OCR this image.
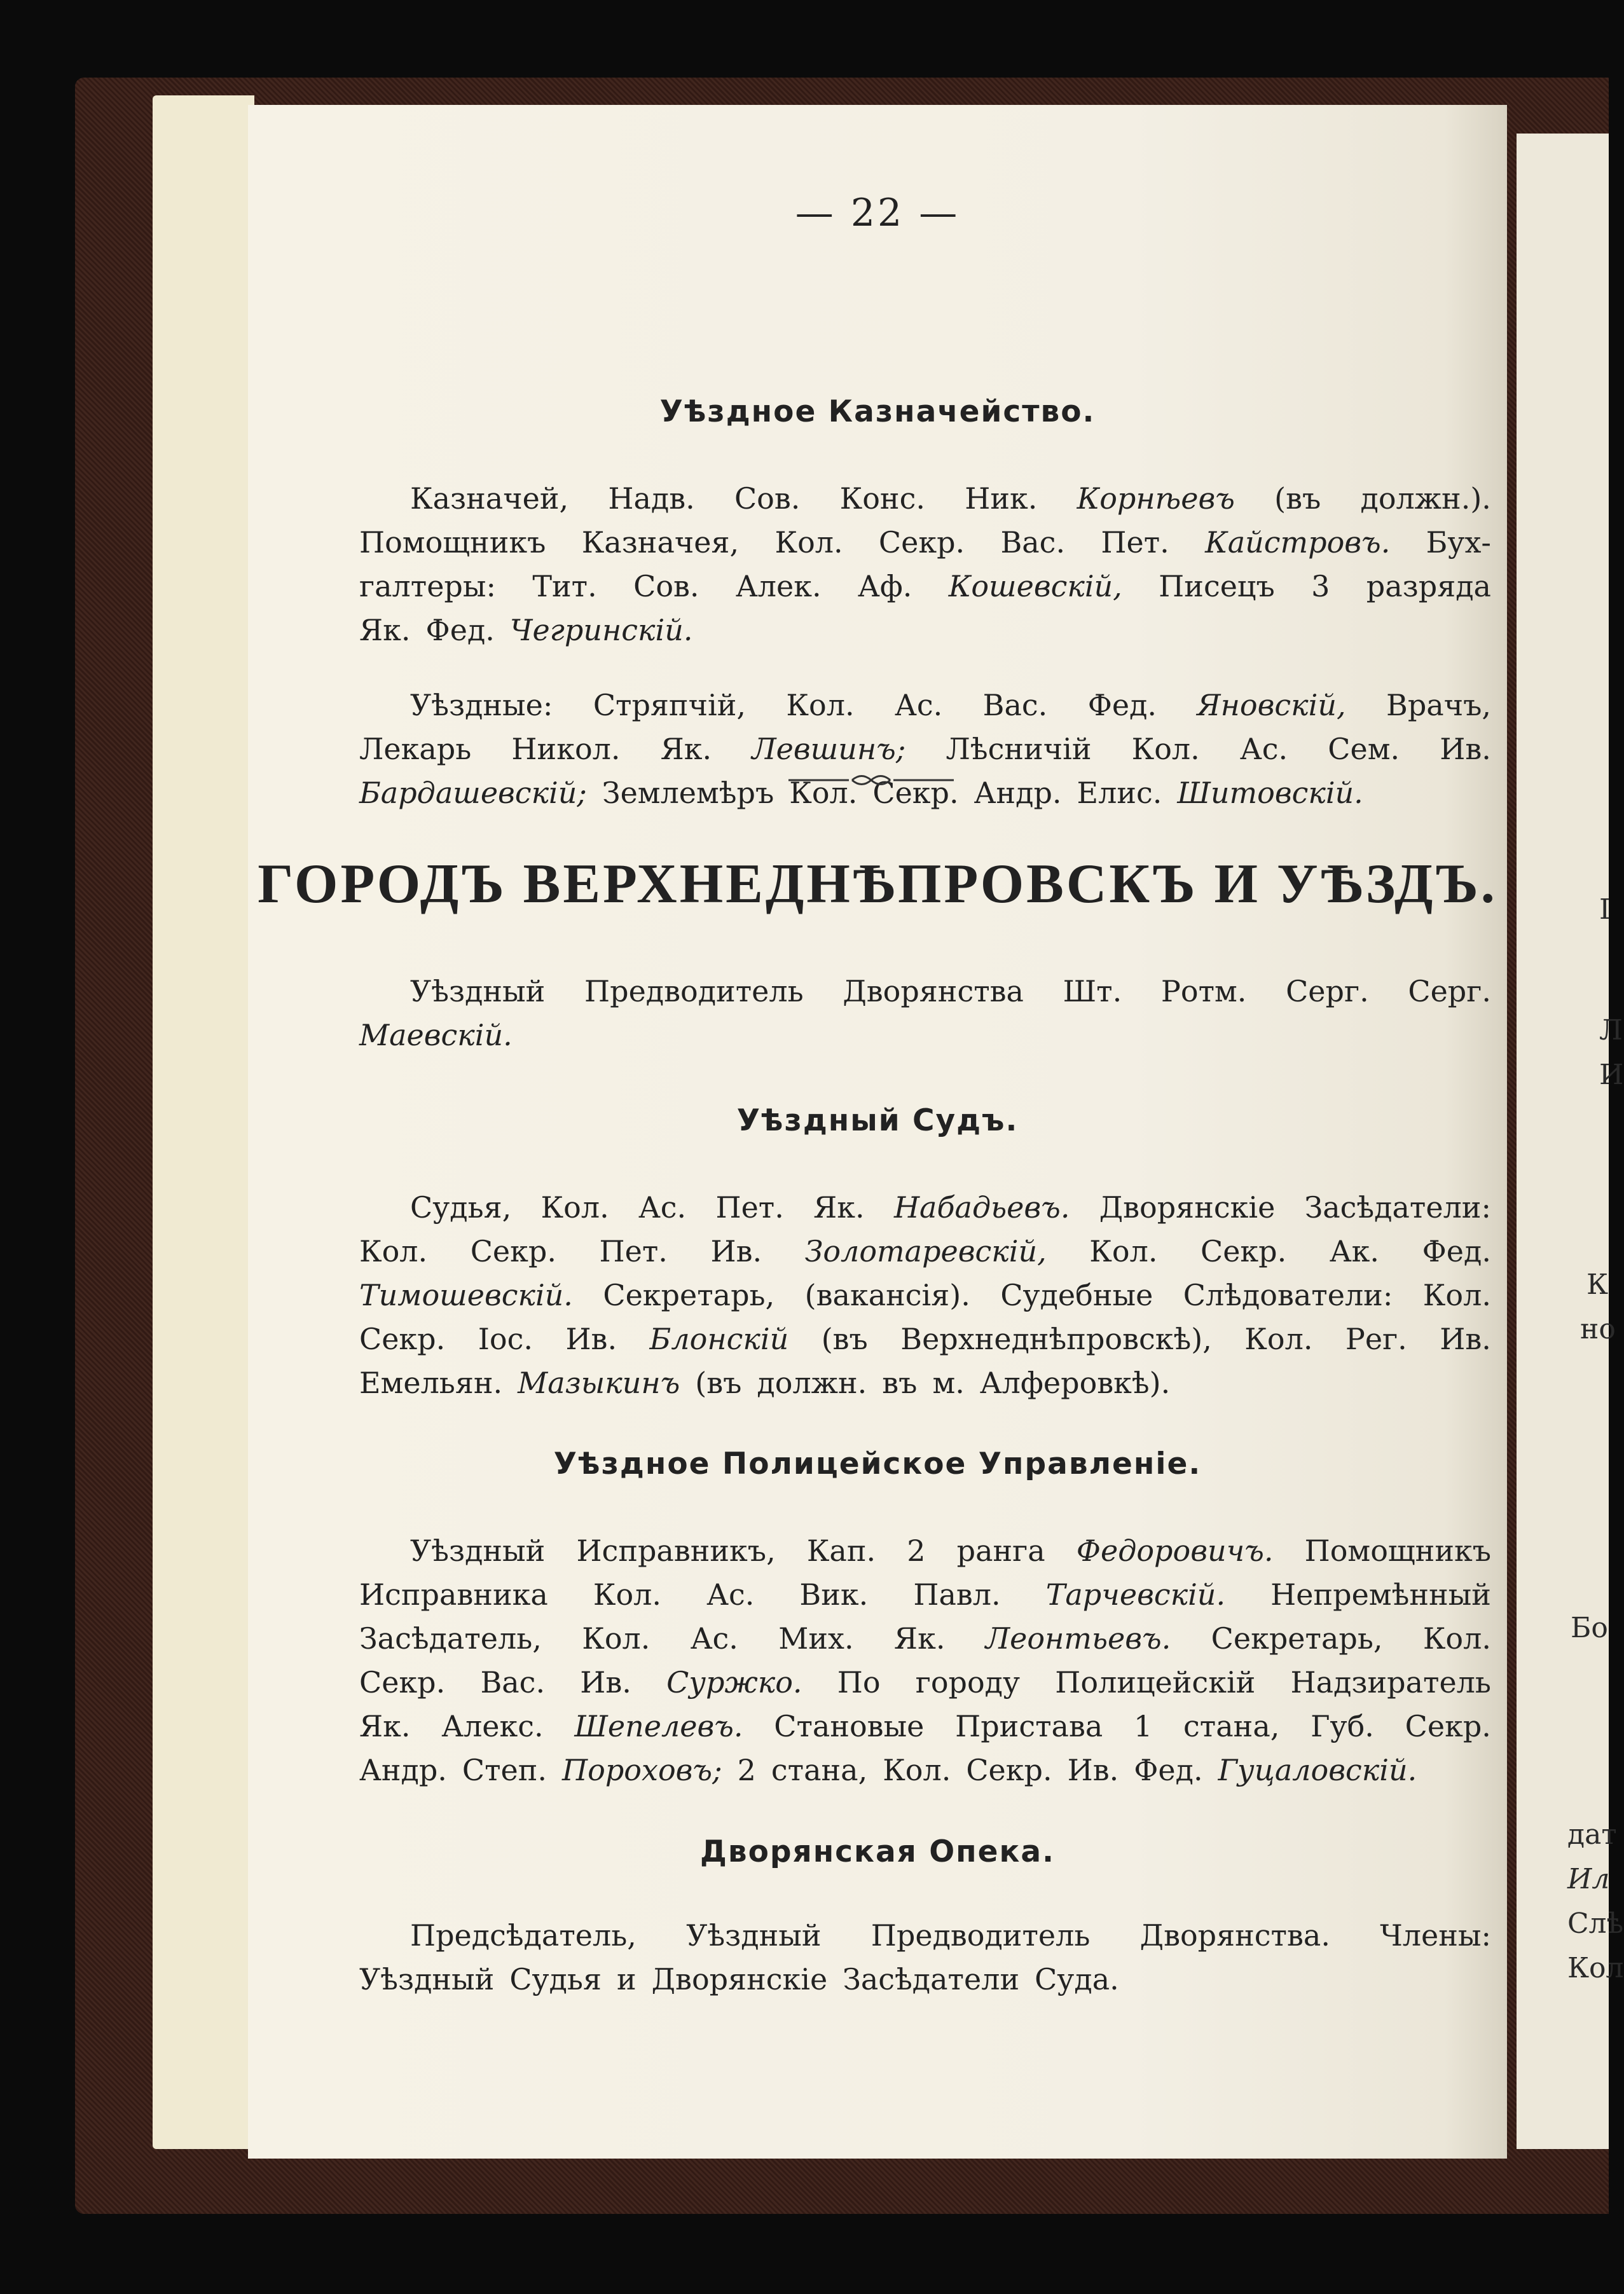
— 22 —
Уѣздное Казначейство.
Казначей, Надв. Сов. Конс. Ник. Корнѣевъ (въ должн.).
Помощникъ Казначея, Кол. Секр. Вас. Пет. Кайстровъ. Бух-
галтеры: Тит. Сов. Алек. Аф. Кошевскій, Писецъ 3 разряда
Як. Фед. Чегринскій.
Уѣздные: Стряпчій, Кол. Ас. Вас. Фед. Яновскій, Врачъ,
Лекарь Никол. Як. Левшинъ; Лѣсничій Кол. Ас. Сем. Ив.
Бардашевскій; Землемѣръ Кол. Секр. Андр. Елис. Шитовскій.
ГОРОДЪ ВЕРХНЕДНѢПРОВСКЪ И УѢЗДЪ.
Уѣздный Предводитель Дворянства Шт. Ротм. Серг. Серг.
Маевскій.
Уѣздный Судъ.
Судья, Кол. Ас. Пет. Як. Набадьевъ. Дворянскіе Засѣдатели:
Кол. Секр. Пет. Ив. Золотаревскій, Кол. Секр. Ак. Фед.
Тимошевскій. Секретарь, (вакансія). Судебные Слѣдователи: Кол.
Секр. Іос. Ив. Блонскій (въ Верхнеднѣпровскѣ), Кол. Рег. Ив.
Емельян. Мазыкинъ (въ должн. въ м. Алферовкѣ).
Уѣздное Полицейское Управленіе.
Уѣздный Исправникъ, Кап. 2 ранга Федоровичъ. Помощникъ
Исправника Кол. Ас. Вик. Павл. Тарчевскій. Непремѣнный
Засѣдатель, Кол. Ас. Мих. Як. Леонтьевъ. Секретарь, Кол.
Секр. Вас. Ив. Суржко. По городу Полицейскій Надзиратель
Як. Алекс. Шепелевъ. Становые Пристава 1 стана, Губ. Секр.
Андр. Степ. Пороховъ; 2 стана, Кол. Секр. Ив. Фед. Гуцаловскій.
Дворянская Опека.
Предсѣдатель, Уѣздный Предводитель Дворянства. Члены:
Уѣздный Судья и Дворянскіе Засѣдатели Суда.
I
Л
И
К
но
Бо
дат
Ил
Слѣ
Кол
